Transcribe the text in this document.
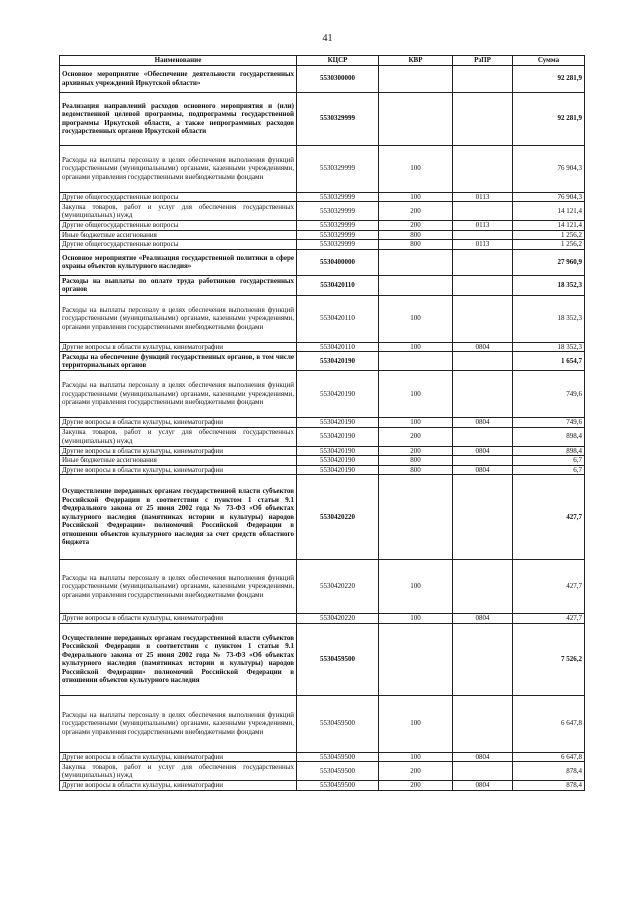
41
Наименование	КЦСР	КВР	РзПР	Сумма
Основное мероприятие «Обеспечение деятельности государственных архивных учреждений Иркутской области»	5530300000			92 281,9
Реализация направлений расходов основного мероприятия и (или) ведомственной целевой программы, подпрограммы государственной программы Иркутской области, а также непрограммных расходов государственных органов Иркутской области	5530329999			92 281,9
Расходы на выплаты персоналу в целях обеспечения выполнения функций государственными (муниципальными) органами, казенными учреждениями, органами управления государственными внебюджетными фондами	5530329999	100		76 904,3
Другие общегосударственные вопросы	5530329999	100	0113	76 904,3
Закупка товаров, работ и услуг для обеспечения государственных (муниципальных) нужд	5530329999	200		14 121,4
Другие общегосударственные вопросы	5530329999	200	0113	14 121,4
Иные бюджетные ассигнования	5530329999	800		1 256,2
Другие общегосударственные вопросы	5530329999	800	0113	1 256,2
Основное мероприятие «Реализация государственной политики в сфере охраны объектов культурного наследия»	5530400000			27 960,9
Расходы на выплаты по оплате труда работников государственных органов	5530420110			18 352,3
Расходы на выплаты персоналу в целях обеспечения выполнения функций государственными (муниципальными) органами, казенными учреждениями, органами управления государственными внебюджетными фондами	5530420110	100		18 352,3
Другие вопросы в области культуры, кинематографии	5530420110	100	0804	18 352,3
Расходы на обеспечение функций государственных органов, в том числе территориальных органов	5530420190			1 654,7
Расходы на выплаты персоналу в целях обеспечения выполнения функций государственными (муниципальными) органами, казенными учреждениями, органами управления государственными внебюджетными фондами	5530420190	100		749,6
Другие вопросы в области культуры, кинематографии	5530420190	100	0804	749,6
Закупка товаров, работ и услуг для обеспечения государственных (муниципальных) нужд	5530420190	200		898,4
Другие вопросы в области культуры, кинематографии	5530420190	200	0804	898,4
Иные бюджетные ассигнования	5530420190	800		6,7
Другие вопросы в области культуры, кинематографии	5530420190	800	0804	6,7
Осуществление переданных органам государственной власти субъектов Российской Федерации в соответствии с пунктом 1 статьи 9.1 Федерального закона от 25 июня 2002 года № 73-ФЗ «Об объектах культурного наследия (памятниках истории и культуры) народов Российской Федерации» полномочий Российской Федерации в отношении объектов культурного наследия за счет средств областного бюджета	5530420220			427,7
Расходы на выплаты персоналу в целях обеспечения выполнения функций государственными (муниципальными) органами, казенными учреждениями, органами управления государственными внебюджетными фондами	5530420220	100		427,7
Другие вопросы в области культуры, кинематографии	5530420220	100	0804	427,7
Осуществление переданных органам государственной власти субъектов Российской Федерации в соответствии с пунктом 1 статьи 9.1 Федерального закона от 25 июня 2002 года № 73-ФЗ «Об объектах культурного наследия (памятниках истории и культуры) народов Российской Федерации» полномочий Российской Федерации в отношении объектов культурного наследия	5530459500			7 526,2
Расходы на выплаты персоналу в целях обеспечения выполнения функций государственными (муниципальными) органами, казенными учреждениями, органами управления государственными внебюджетными фондами	5530459500	100		6 647,8
Другие вопросы в области культуры, кинематографии	5530459500	100	0804	6 647,8
Закупка товаров, работ и услуг для обеспечения государственных (муниципальных) нужд	5530459500	200		878,4
Другие вопросы в области культуры, кинематографии	5530459500	200	0804	878,4
